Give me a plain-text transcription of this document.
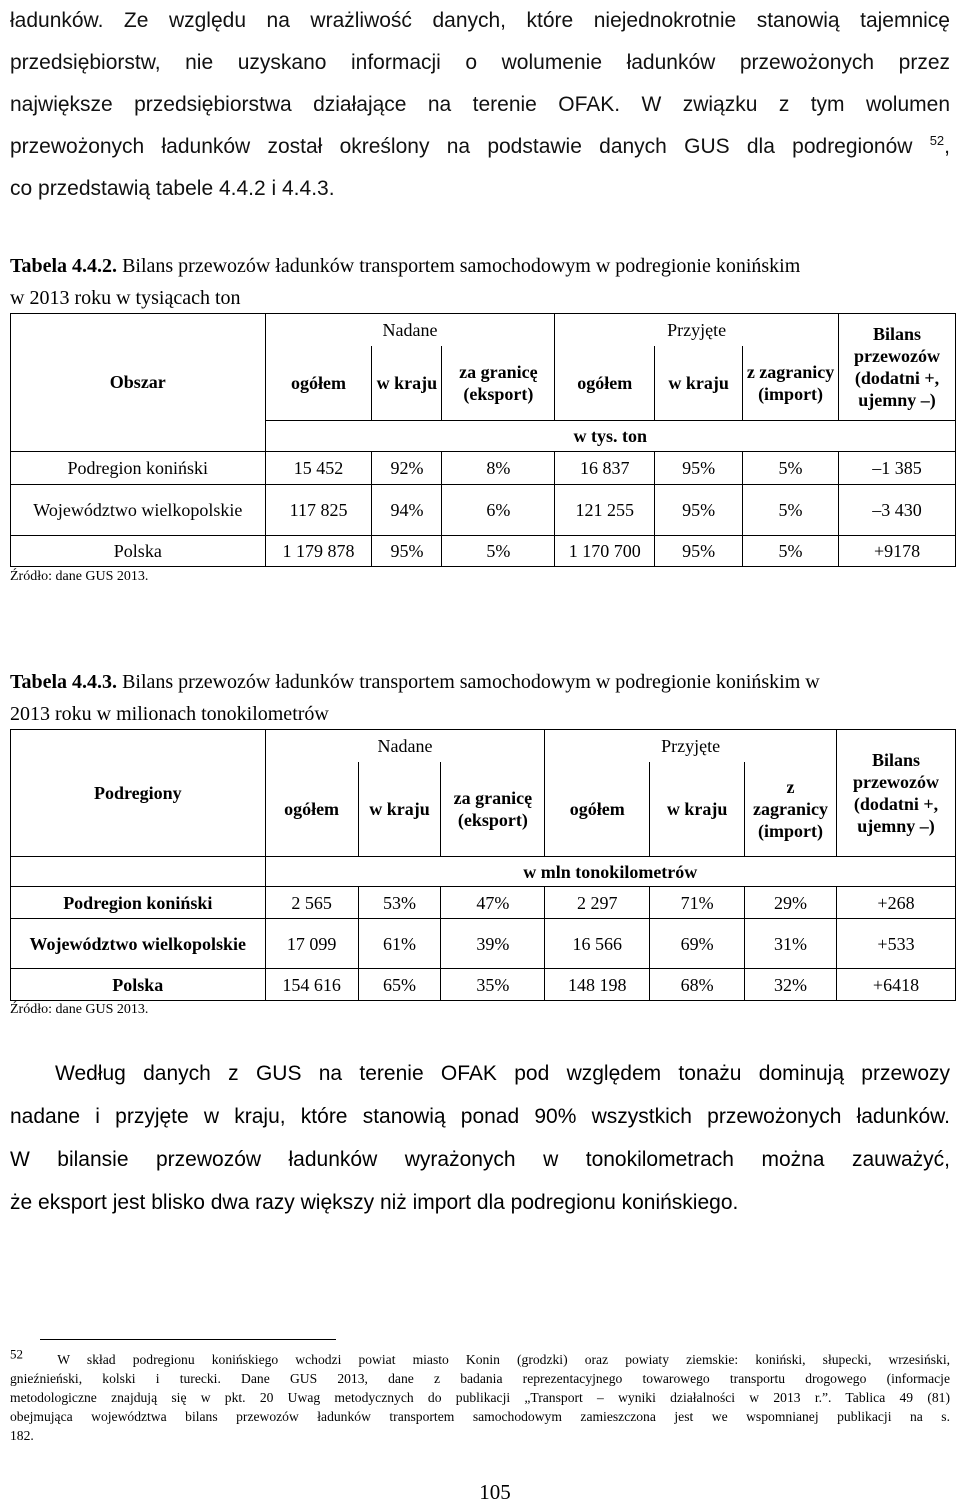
ładunków. Ze względu na wrażliwość danych, które niejednokrotnie stanowią tajemnicę
przedsiębiorstw, nie uzyskano informacji o wolumenie ładunków przewożonych przez
największe przedsiębiorstwa działające na terenie OFAK. W związku z tym wolumen
przewożonych ładunków został określony na podstawie danych GUS dla podregionów $^{52}$,
co przedstawią tabele 4.4.2 i 4.4.3.
Tabela 4.4.2. Bilans przewozów ładunków transportem samochodowym w podregionie konińskim
w 2013 roku w tysiącach ton
Obszar	Nadane			Przyjęte			Bilans przewozów (dodatni +, ujemny –)
	ogółem	w kraju	za granicę (eksport)	ogółem	w kraju	z zagranicy (import)	
	w tys. ton						
Podregion koniński	15 452	92%	8%	16 837	95%	5%	–1 385
Województwo wielkopolskie	117 825	94%	6%	121 255	95%	5%	–3 430
Polska	1 179 878	95%	5%	1 170 700	95%	5%	+9178
Źródło: dane GUS 2013.
Tabela 4.4.3. Bilans przewozów ładunków transportem samochodowym w podregionie konińskim w
2013 roku w milionach tonokilometrów
Podregiony	Nadane			Przyjęte			Bilans przewozów (dodatni +, ujemny –)
	ogółem	w kraju	za granicę (eksport)	ogółem	w kraju	z zagranicy (import)	
	w mln tonokilometrów						
Podregion koniński	2 565	53%	47%	2 297	71%	29%	+268
Województwo wielkopolskie	17 099	61%	39%	16 566	69%	31%	+533
Polska	154 616	65%	35%	148 198	68%	32%	+6418
Źródło: dane GUS 2013.
Według danych z GUS na terenie OFAK pod względem tonażu dominują przewozy
nadane i przyjęte w kraju, które stanowią ponad 90% wszystkich przewożonych ładunków.
W bilansie przewozów ładunków wyrażonych w tonokilometrach można zauważyć,
że eksport jest blisko dwa razy większy niż import dla podregionu konińskiego.
$^{52}$	W skład podregionu konińskiego wchodzi powiat miasto Konin (grodzki) oraz powiaty ziemskie: koniński, słupecki, wrzesiński,
gnieźnieński, kolski i turecki. Dane GUS 2013, dane z badania reprezentacyjnego towarowego transportu drogowego (informacje
metodologiczne znajdują się w pkt. 20 Uwag metodycznych do publikacji „Transport – wyniki działalności w 2013 r.”. Tablica 49 (81)
obejmująca województwa bilans przewozów ładunków transportem samochodowym zamieszczona jest we wspomnianej publikacji na s.
182.
105
